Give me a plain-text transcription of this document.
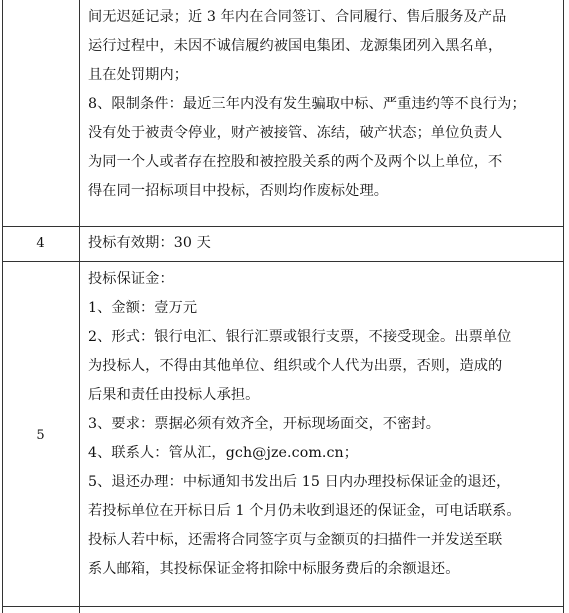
间无迟延记录；近 3 年内在合同签订、合同履行、售后服务及产品
运行过程中，未因不诚信履约被国电集团、龙源集团列入黑名单，
且在处罚期内；
8、限制条件：最近三年内没有发生骗取中标、严重违约等不良行为；
没有处于被责令停业，财产被接管、冻结，破产状态；单位负责人
为同一个人或者存在控股和被控股关系的两个及两个以上单位，不
得在同一招标项目中投标，否则均作废标处理。
4	投标有效期：30 天
5
投标保证金：
1、金额：壹万元
2、形式：银行电汇、银行汇票或银行支票，不接受现金。出票单位
为投标人，不得由其他单位、组织或个人代为出票，否则，造成的
后果和责任由投标人承担。
3、要求：票据必须有效齐全，开标现场面交，不密封。
4、联系人：管从汇，gch@jze.com.cn；
5、退还办理：中标通知书发出后 15 日内办理投标保证金的退还，
若投标单位在开标日后 1 个月仍未收到退还的保证金，可电话联系。
投标人若中标，还需将合同签字页与金额页的扫描件一并发送至联
系人邮箱，其投标保证金将扣除中标服务费后的余额退还。
